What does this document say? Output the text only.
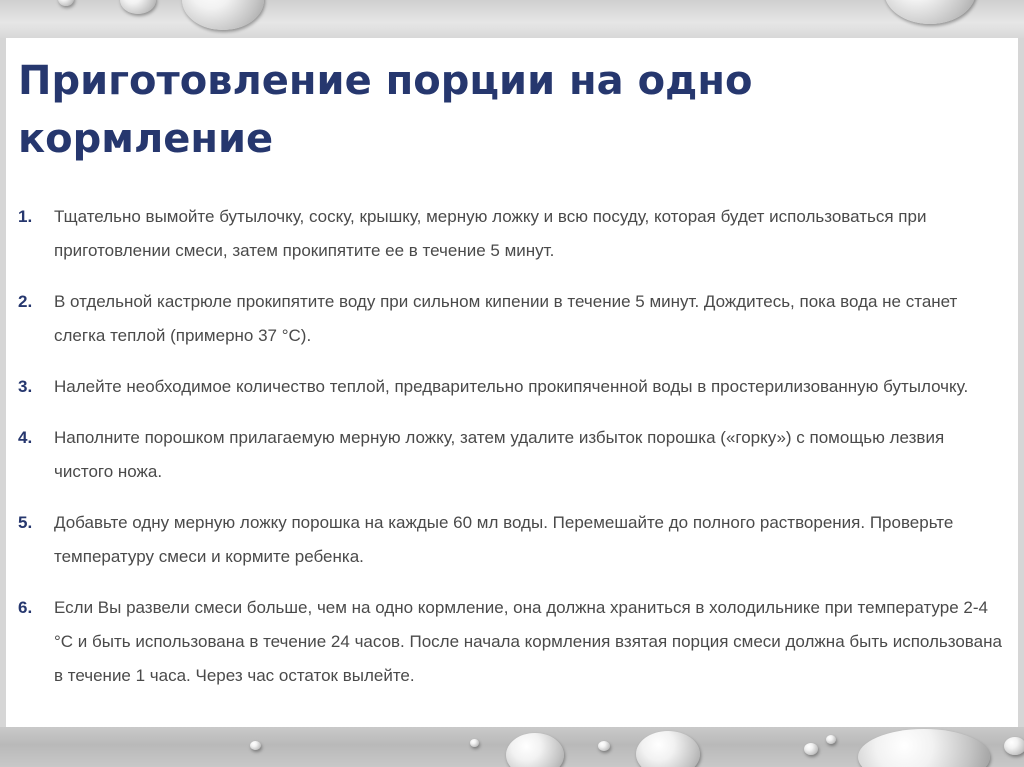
Приготовление порции на одно кормление
1. Тщательно вымойте бутылочку, соску, крышку, мерную ложку и всю посуду, которая будет использоваться при приготовлении смеси, затем прокипятите ее в течение 5 минут.
2. В отдельной кастрюле прокипятите воду при сильном кипении в течение 5 минут. Дождитесь, пока вода не станет слегка теплой (примерно 37 °C).
3. Налейте необходимое количество теплой, предварительно прокипяченной воды в простерилизованную бутылочку.
4. Наполните порошком прилагаемую мерную ложку, затем удалите избыток порошка («горку») с помощью лезвия чистого ножа.
5. Добавьте одну мерную ложку порошка на каждые 60 мл воды. Перемешайте до полного растворения. Проверьте температуру смеси и кормите ребенка.
6. Если Вы развели смеси больше, чем на одно кормление, она должна храниться в холодильнике при температуре 2-4 °C и быть использована в течение 24 часов. После начала кормления взятая порция смеси должна быть использована в течение 1 часа. Через час остаток вылейте.
